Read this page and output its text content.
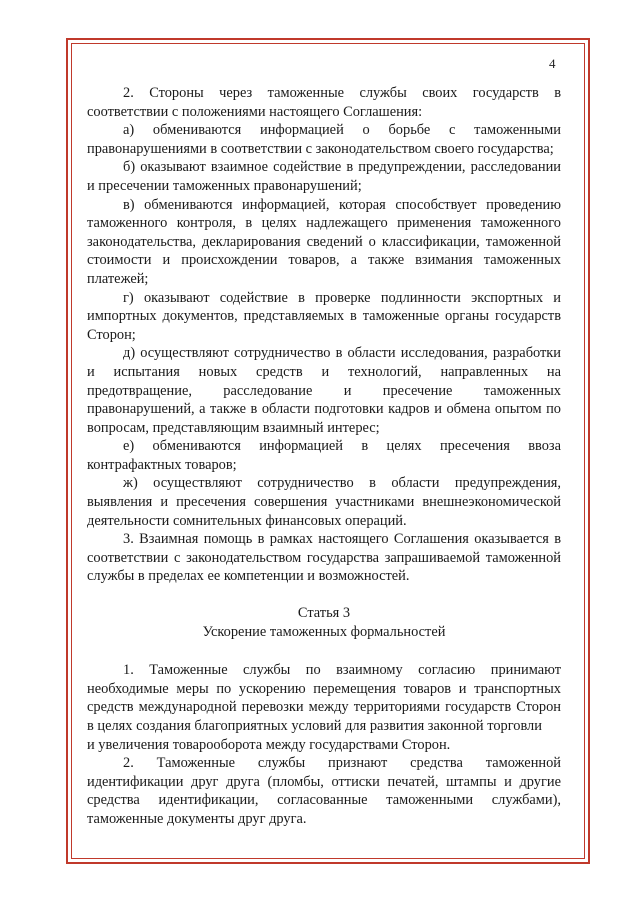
4

2. Стороны через таможенные службы своих государств в соответствии с положениями настоящего Соглашения:

а) обмениваются информацией о борьбе с таможенными правонарушениями в соответствии с законодательством своего государства;

б) оказывают взаимное содействие в предупреждении, расследовании и пресечении таможенных правонарушений;

в) обмениваются информацией, которая способствует проведению таможенного контроля, в целях надлежащего применения таможенного законодательства, декларирования сведений о классификации, таможенной стоимости и происхождении товаров, а также взимания таможенных платежей;

г) оказывают содействие в проверке подлинности экспортных и импортных документов, представляемых в таможенные органы государств Сторон;

д) осуществляют сотрудничество в области исследования, разработки и испытания новых средств и технологий, направленных на предотвращение, расследование и пресечение таможенных правонарушений, а также в области подготовки кадров и обмена опытом по вопросам, представляющим взаимный интерес;

е) обмениваются информацией в целях пресечения ввоза контрафактных товаров;

ж) осуществляют сотрудничество в области предупреждения, выявления и пресечения совершения участниками внешнеэкономической деятельности сомнительных финансовых операций.

3. Взаимная помощь в рамках настоящего Соглашения оказывается в соответствии с законодательством государства запрашиваемой таможенной службы в пределах ее компетенции и возможностей.

Статья 3

Ускорение таможенных формальностей

1. Таможенные службы по взаимному согласию принимают необходимые меры по ускорению перемещения товаров и транспортных средств международной перевозки между территориями государств Сторон в целях создания благоприятных условий для развития законной торговли

и увеличения товарооборота между государствами Сторон.

2. Таможенные службы признают средства таможенной идентификации друг друга (пломбы, оттиски печатей, штампы и другие средства идентификации, согласованные таможенными службами), таможенные документы друг друга.
